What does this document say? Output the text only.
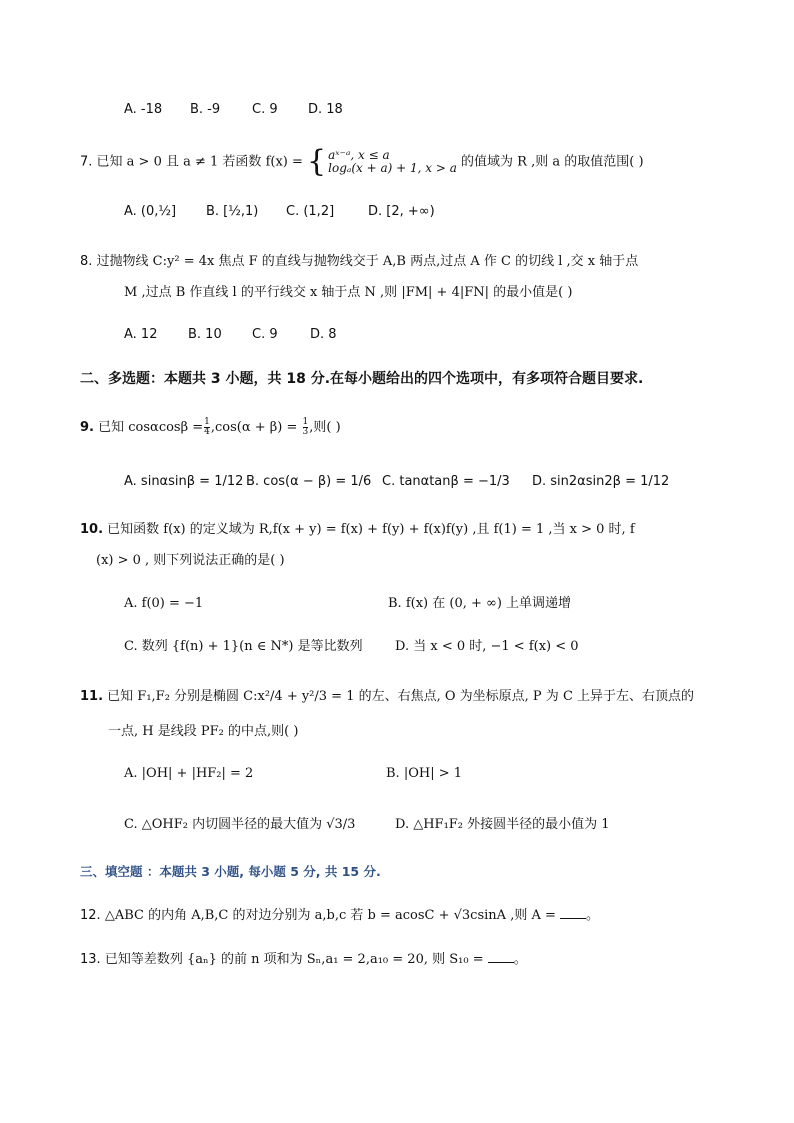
A. -18 B. -9 C. 9 D. 18
7. 已知 a > 0 且 a ≠ 1 若函数 f(x) = { aˣ⁻ᵃ, x ≤ a
logₐ(x + a) + 1, x > a 的值域为 R ,则 a 的取值范围( )
A. (0,½] B. [½,1) C. (1,2]	D. [2, +∞)
8. 过抛物线 C:y² = 4x 焦点 F 的直线与抛物线交于 A,B 两点,过点 A 作 C 的切线 l ,交 x 轴于点
M ,过点 B 作直线 l 的平行线交 x 轴于点 N ,则 |FM| + 4|FN| 的最小值是( )
A. 12 B. 10 C. 9 D. 8
二、多选题：本题共 3 小题，共 18 分.在每小题给出的四个选项中，有多项符合题目要求.
9. 已知 $\cos\alpha\cos\beta = \frac{1}{4} ,\cos(\alpha + \beta) = \frac{1}{3}$ ,则( )
A. sinαsinβ = 1/12 B. cos(α − β) = 1/6 C. tanαtanβ = −1/3 D. sin2αsin2β = 1/12
10. 已知函数 f(x) 的定义域为 R,f(x + y) = f(x) + f(y) + f(x)f(y) ,且 f(1) = 1 ,当 x > 0 时, f
(x) > 0 , 则下列说法正确的是( )
A. f(0) = −1	B. f(x) 在 (0, + ∞) 上单调递增
C. 数列 {f(n) + 1}(n ∈ N*) 是等比数列 D. 当 x < 0 时, −1 < f(x) < 0
11. 已知 F₁,F₂ 分别是椭圆 C:x²/4 + y²/3 = 1 的左、右焦点, O 为坐标原点, P 为 C 上异于左、右顶点的
一点, H 是线段 PF₂ 的中点,则( )
A. |OH| + |HF₂| = 2	B. |OH| > 1
C. △OHF₂ 内切圆半径的最大值为 √3/3	D. △HF₁F₂ 外接圆半径的最小值为 1
三、填空题 ：本题共 3 小题, 每小题 5 分, 共 15 分.
12. △ABC 的内角 A,B,C 的对边分别为 a,b,c 若 b = acosC + √3csinA ,则 A = 。
13. 已知等差数列 {aₙ} 的前 n 项和为 Sₙ,a₁ = 2,a₁₀ = 20, 则 S₁₀ = 。
